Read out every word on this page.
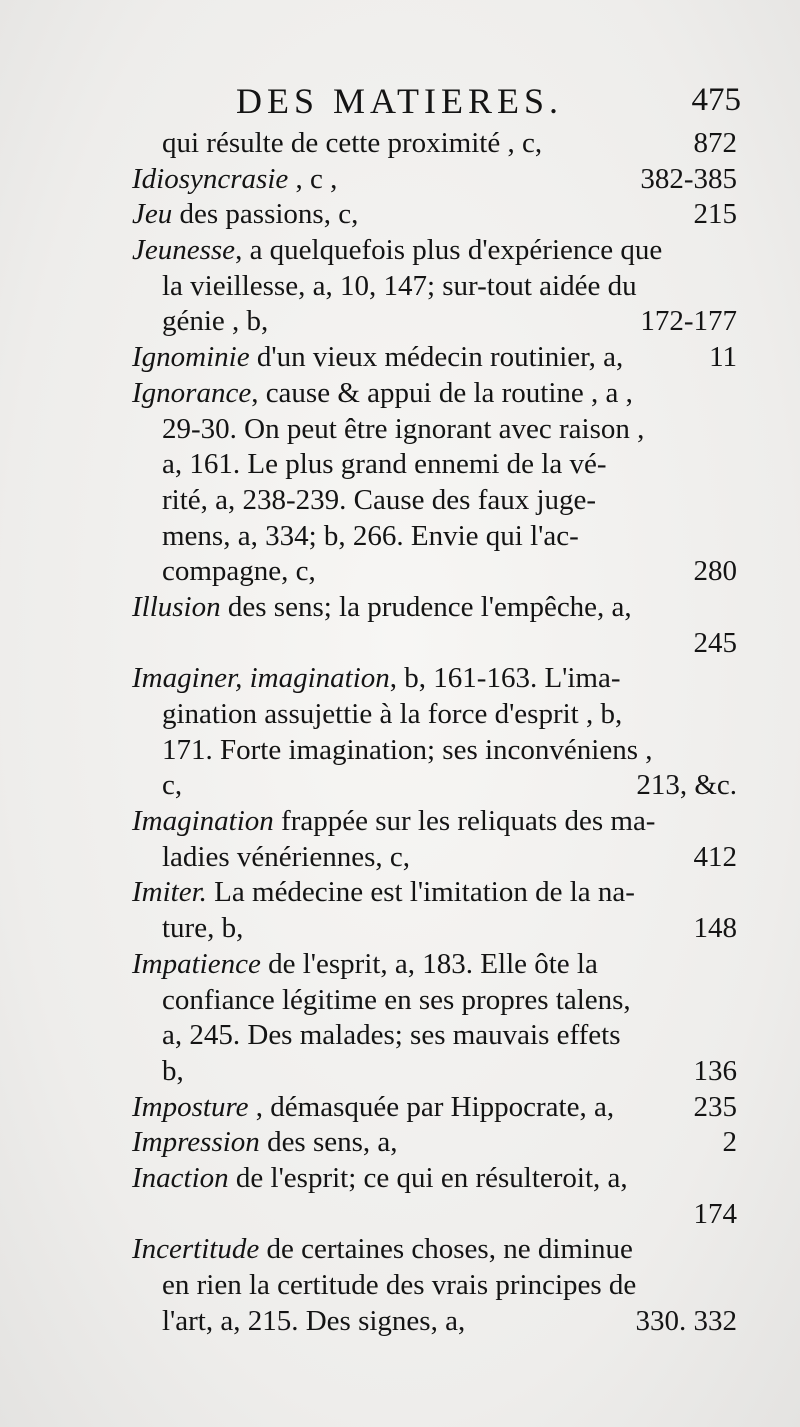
DES MATIERES.	475
qui résulte de cette proximité , c,	872
Idiosyncrasie , c ,	382-385
Jeu des passions, c,	215
Jeunesse, a quelquefois plus d'expérience que
la vieillesse, a, 10, 147; sur-tout aidée du
génie , b,	172-177
Ignominie d'un vieux médecin routinier, a,	11
Ignorance, cause & appui de la routine , a ,
29-30. On peut être ignorant avec raison ,
a, 161. Le plus grand ennemi de la vé-
rité, a, 238-239. Cause des faux juge-
mens, a, 334; b, 266. Envie qui l'ac-
compagne, c,	280
Illusion des sens; la prudence l'empêche, a,
245
Imaginer, imagination, b, 161-163. L'ima-
gination assujettie à la force d'esprit , b,
171. Forte imagination; ses inconvéniens ,
c,	213, &c.
Imagination frappée sur les reliquats des ma-
ladies vénériennes, c,	412
Imiter. La médecine est l'imitation de la na-
ture, b,	148
Impatience de l'esprit, a, 183. Elle ôte la
confiance légitime en ses propres talens,
a, 245. Des malades; ses mauvais effets
b,	136
Imposture , démasquée par Hippocrate, a,	235
Impression des sens, a,	2
Inaction de l'esprit; ce qui en résulteroit, a,
174
Incertitude de certaines choses, ne diminue
en rien la certitude des vrais principes de
l'art, a, 215. Des signes, a,	330. 332
